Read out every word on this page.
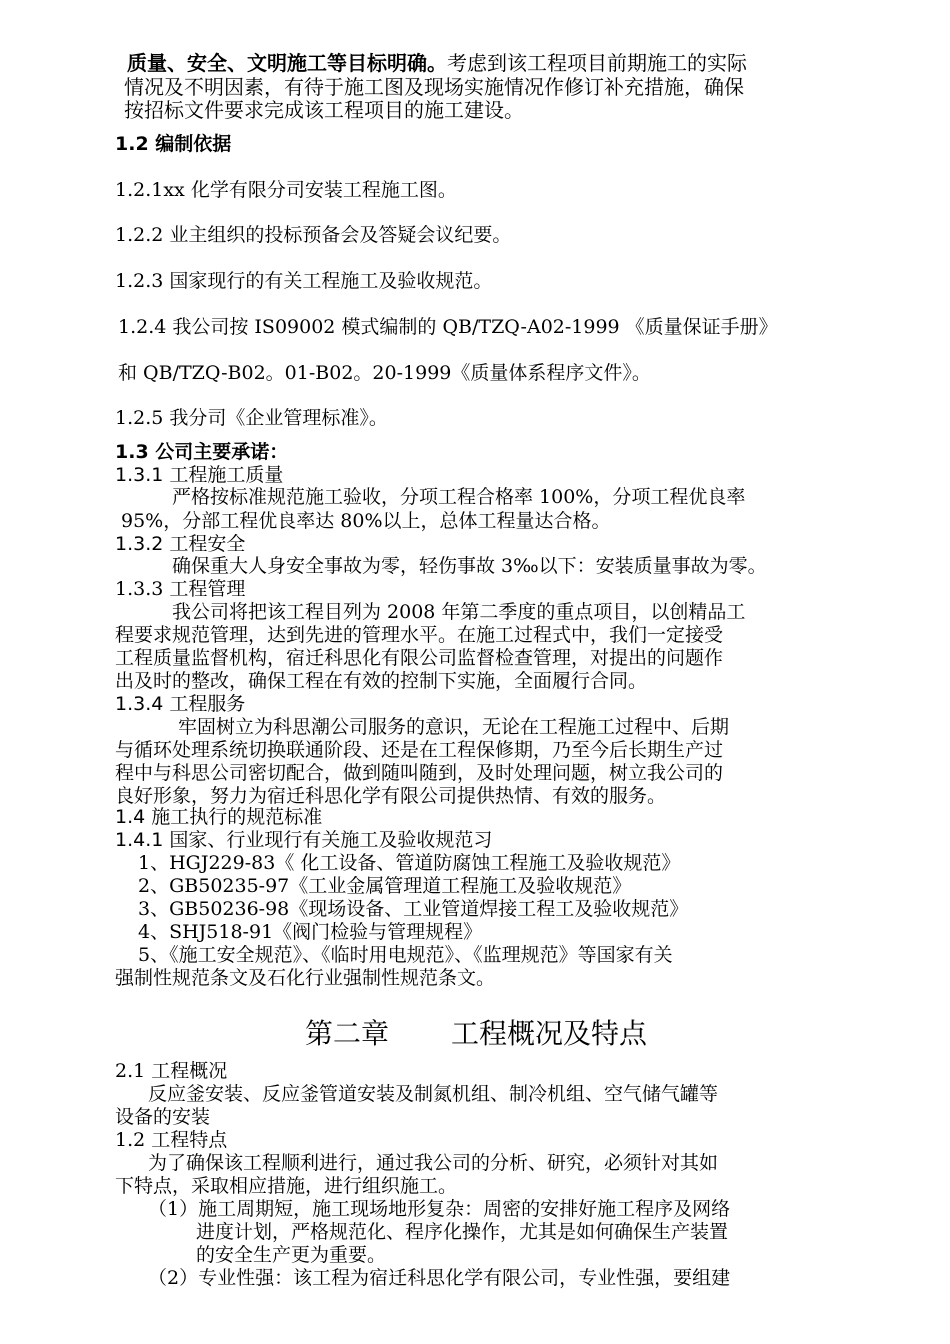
质量、安全、文明施工等目标明确。考虑到该工程项目前期施工的实际
情况及不明因素，有待于施工图及现场实施情况作修订补充措施，确保
按招标文件要求完成该工程项目的施工建设。
1.2 编制依据
1.2.1xx 化学有限分司安装工程施工图。
1.2.2 业主组织的投标预备会及答疑会议纪要。
1.2.3 国家现行的有关工程施工及验收规范。
1.2.4 我公司按 IS09002 模式编制的 QB/TZQ-A02-1999 《质量保证手册》
和 QB/TZQ-B02。01-B02。20-1999《质量体系程序文件》。
1.2.5 我分司《企业管理标准》。
1.3 公司主要承诺：
1.3.1 工程施工质量
严格按标准规范施工验收，分项工程合格率 100%，分项工程优良率
95%，分部工程优良率达 80%以上，总体工程量达合格。
1.3.2 工程安全
确保重大人身安全事故为零，轻伤事故 3‰以下：安装质量事故为零。
1.3.3 工程管理
我公司将把该工程目列为 2008 年第二季度的重点项目，以创精品工
程要求规范管理，达到先进的管理水平。在施工过程式中，我们一定接受
工程质量监督机构，宿迁科思化有限公司监督检查管理，对提出的问题作
出及时的整改，确保工程在有效的控制下实施，全面履行合同。
1.3.4 工程服务
牢固树立为科思潮公司服务的意识，无论在工程施工过程中、后期
与循环处理系统切换联通阶段、还是在工程保修期，乃至今后长期生产过
程中与科思公司密切配合，做到随叫随到，及时处理问题，树立我公司的
良好形象，努力为宿迁科思化学有限公司提供热情、有效的服务。
1.4 施工执行的规范标准
1.4.1 国家、行业现行有关施工及验收规范习
1、HGJ229-83《 化工设备、管道防腐蚀工程施工及验收规范》
2、GB50235-97《工业金属管理道工程施工及验收规范》
3、GB50236-98《现场设备、工业管道焊接工程工及验收规范》
4、SHJ518-91《阀门检验与管理规程》
5、《施工安全规范》、《临时用电规范》、《监理规范》等国家有关
强制性规范条文及石化行业强制性规范条文。
第二章 工程概况及特点
2.1 工程概况
反应釜安装、反应釜管道安装及制氮机组、制冷机组、空气储气罐等
设备的安装
1.2 工程特点
为了确保该工程顺利进行，通过我公司的分析、研究，必须针对其如
下特点，采取相应措施，进行组织施工。
（1）施工周期短，施工现场地形复杂：周密的安排好施工程序及网络
进度计划，严格规范化、程序化操作，尤其是如何确保生产装置
的安全生产更为重要。
（2）专业性强：该工程为宿迁科思化学有限公司，专业性强，要组建
